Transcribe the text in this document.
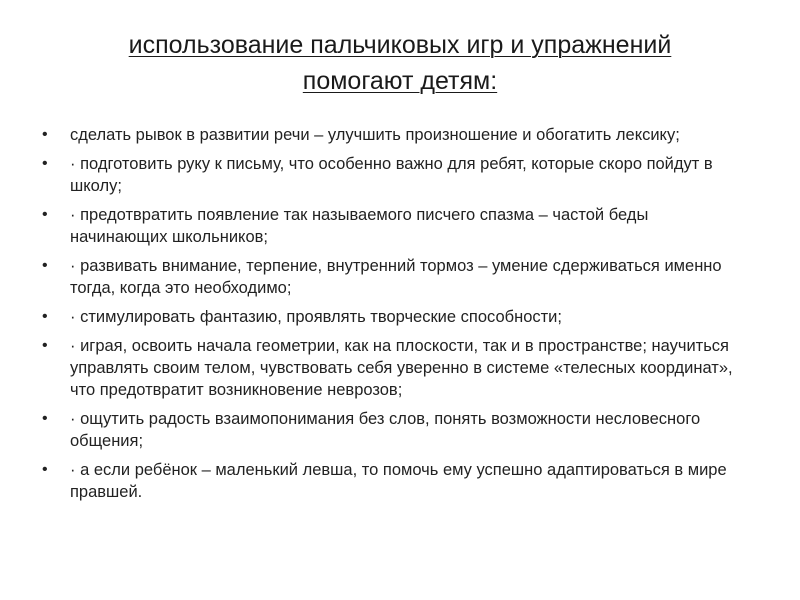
использование пальчиковых игр и упражнений
помогают детям:
• сделать рывок в развитии речи – улучшить произношение и обогатить лексику;
• · подготовить руку к письму, что особенно важно для ребят, которые скоро пойдут в школу;
• · предотвратить появление так называемого писчего спазма – частой беды начинающих школьников;
• · развивать внимание, терпение, внутренний тормоз – умение сдерживаться именно тогда, когда это необходимо;
• · стимулировать фантазию, проявлять творческие способности;
• · играя, освоить начала геометрии, как на плоскости, так и в пространстве; научиться управлять своим телом, чувствовать себя уверенно в системе «телесных координат», что предотвратит возникновение неврозов;
• · ощутить радость взаимопонимания без слов, понять возможности несловесного общения;
• · а если ребёнок – маленький левша, то помочь ему успешно адаптироваться в мире правшей.
